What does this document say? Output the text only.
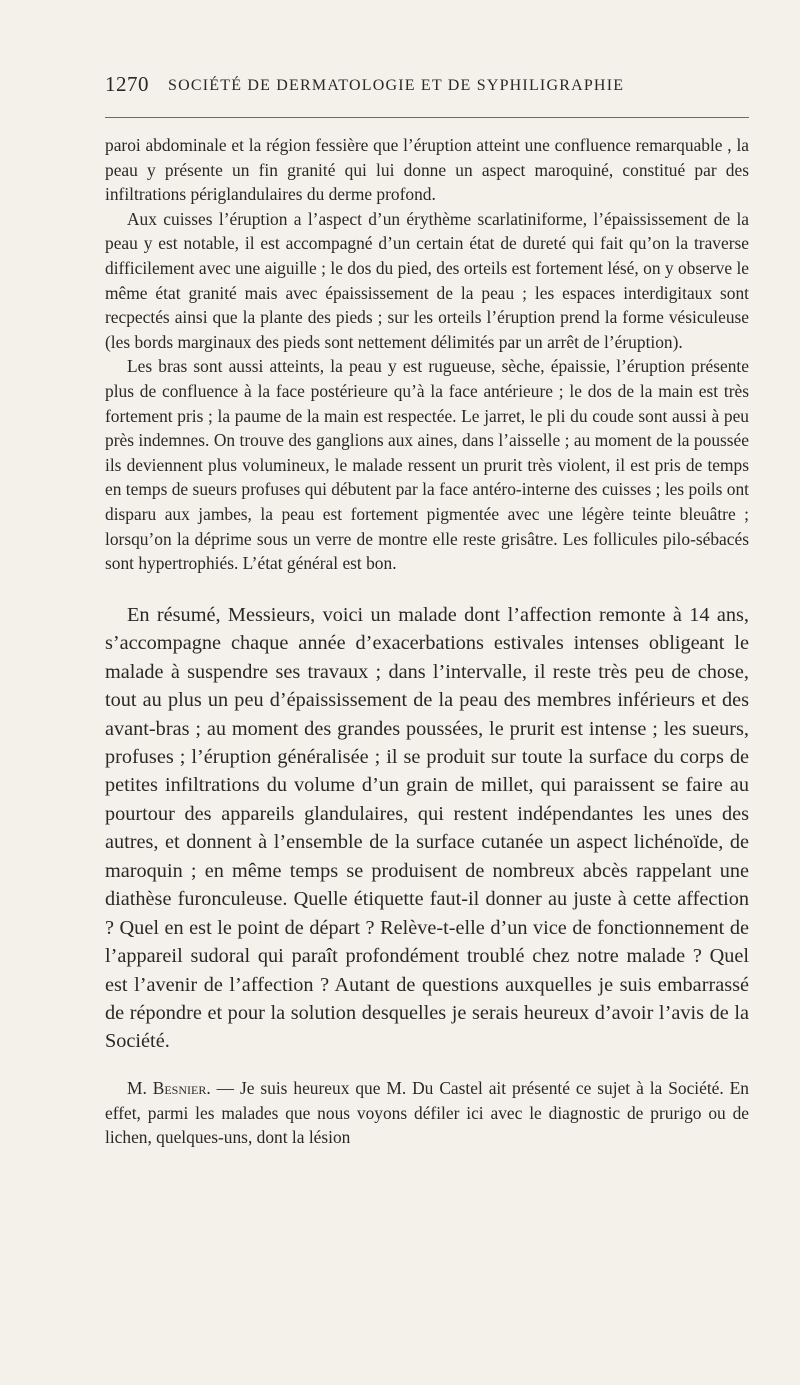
1270 SOCIÉTÉ DE DERMATOLOGIE ET DE SYPHILIGRAPHIE

paroi abdominale et la région fessière que l’éruption atteint une confluence remarquable , la peau y présente un fin granité qui lui donne un aspect maroquiné, constitué par des infiltrations périglandulaires du derme profond.

Aux cuisses l’éruption a l’aspect d’un érythème scarlatiniforme, l’épaississement de la peau y est notable, il est accompagné d’un certain état de dureté qui fait qu’on la traverse difficilement avec une aiguille ; le dos du pied, des orteils est fortement lésé, on y observe le même état granité mais avec épaississement de la peau ; les espaces interdigitaux sont recpectés ainsi que la plante des pieds ; sur les orteils l’éruption prend la forme vésiculeuse (les bords marginaux des pieds sont nettement délimités par un arrêt de l’éruption).

Les bras sont aussi atteints, la peau y est rugueuse, sèche, épaissie, l’éruption présente plus de confluence à la face postérieure qu’à la face antérieure ; le dos de la main est très fortement pris ; la paume de la main est respectée. Le jarret, le pli du coude sont aussi à peu près indemnes. On trouve des ganglions aux aines, dans l’aisselle ; au moment de la poussée ils deviennent plus volumineux, le malade ressent un prurit très violent, il est pris de temps en temps de sueurs profuses qui débutent par la face antéro-interne des cuisses ; les poils ont disparu aux jambes, la peau est fortement pigmentée avec une légère teinte bleuâtre ; lorsqu’on la déprime sous un verre de montre elle reste grisâtre. Les follicules pilo-sébacés sont hypertrophiés. L’état général est bon.

En résumé, Messieurs, voici un malade dont l’affection remonte à 14 ans, s’accompagne chaque année d’exacerbations estivales intenses obligeant le malade à suspendre ses travaux ; dans l’intervalle, il reste très peu de chose, tout au plus un peu d’épaississement de la peau des membres inférieurs et des avant-bras ; au moment des grandes poussées, le prurit est intense ; les sueurs, profuses ; l’éruption généralisée ; il se produit sur toute la surface du corps de petites infiltrations du volume d’un grain de millet, qui paraissent se faire au pourtour des appareils glandulaires, qui restent indépendantes les unes des autres, et donnent à l’ensemble de la surface cutanée un aspect lichénoïde, de maroquin ; en même temps se produisent de nombreux abcès rappelant une diathèse furonculeuse. Quelle étiquette faut-il donner au juste à cette affection ? Quel en est le point de départ ? Relève-t-elle d’un vice de fonctionnement de l’appareil sudoral qui paraît profondément troublé chez notre malade ? Quel est l’avenir de l’affection ? Autant de questions auxquelles je suis embarrassé de répondre et pour la solution desquelles je serais heureux d’avoir l’avis de la Société.

M. Besnier. — Je suis heureux que M. Du Castel ait présenté ce sujet à la Société. En effet, parmi les malades que nous voyons défiler ici avec le diagnostic de prurigo ou de lichen, quelques-uns, dont la lésion
